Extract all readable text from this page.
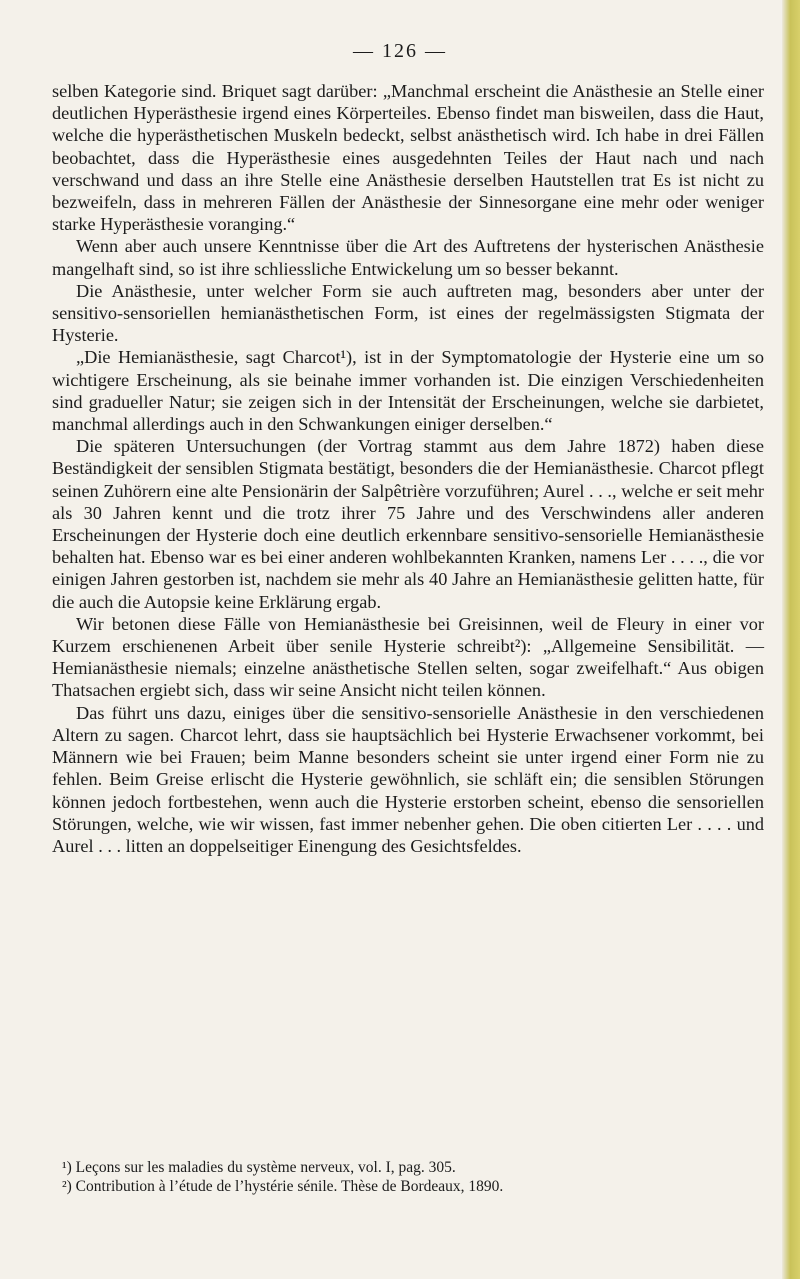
— 126 —

selben Kategorie sind. Briquet sagt darüber: „Manchmal erscheint die Anästhesie an Stelle einer deutlichen Hyperästhesie irgend eines Körperteiles. Ebenso findet man bisweilen, dass die Haut, welche die hyperästhetischen Muskeln bedeckt, selbst anästhetisch wird. Ich habe in drei Fällen beobachtet, dass die Hyperästhesie eines ausgedehnten Teiles der Haut nach und nach verschwand und dass an ihre Stelle eine Anästhesie derselben Hautstellen trat Es ist nicht zu bezweifeln, dass in mehreren Fällen der Anästhesie der Sinnesorgane eine mehr oder weniger starke Hyperästhesie voranging.“

Wenn aber auch unsere Kenntnisse über die Art des Auftretens der hysterischen Anästhesie mangelhaft sind, so ist ihre schliessliche Entwickelung um so besser bekannt.

Die Anästhesie, unter welcher Form sie auch auftreten mag, besonders aber unter der sensitivo-sensoriellen hemianästhetischen Form, ist eines der regelmässigsten Stigmata der Hysterie.

„Die Hemianästhesie, sagt Charcot¹), ist in der Symptomatologie der Hysterie eine um so wichtigere Erscheinung, als sie beinahe immer vorhanden ist. Die einzigen Verschiedenheiten sind gradueller Natur; sie zeigen sich in der Intensität der Erscheinungen, welche sie darbietet, manchmal allerdings auch in den Schwankungen einiger derselben.“

Die späteren Untersuchungen (der Vortrag stammt aus dem Jahre 1872) haben diese Beständigkeit der sensiblen Stigmata bestätigt, besonders die der Hemianästhesie. Charcot pflegt seinen Zuhörern eine alte Pensionärin der Salpêtrière vorzuführen; Aurel . . ., welche er seit mehr als 30 Jahren kennt und die trotz ihrer 75 Jahre und des Verschwindens aller anderen Erscheinungen der Hysterie doch eine deutlich erkennbare sensitivo-sensorielle Hemianästhesie behalten hat. Ebenso war es bei einer anderen wohlbekannten Kranken, namens Ler . . . ., die vor einigen Jahren gestorben ist, nachdem sie mehr als 40 Jahre an Hemianästhesie gelitten hatte, für die auch die Autopsie keine Erklärung ergab.

Wir betonen diese Fälle von Hemianästhesie bei Greisinnen, weil de Fleury in einer vor Kurzem erschienenen Arbeit über senile Hysterie schreibt²): „Allgemeine Sensibilität. — Hemianästhesie niemals; einzelne anästhetische Stellen selten, sogar zweifelhaft.“ Aus obigen Thatsachen ergiebt sich, dass wir seine Ansicht nicht teilen können.

Das führt uns dazu, einiges über die sensitivo-sensorielle Anästhesie in den verschiedenen Altern zu sagen. Charcot lehrt, dass sie hauptsächlich bei Hysterie Erwachsener vorkommt, bei Männern wie bei Frauen; beim Manne besonders scheint sie unter irgend einer Form nie zu fehlen. Beim Greise erlischt die Hysterie gewöhnlich, sie schläft ein; die sensiblen Störungen können jedoch fortbestehen, wenn auch die Hysterie erstorben scheint, ebenso die sensoriellen Störungen, welche, wie wir wissen, fast immer nebenher gehen. Die oben citierten Ler . . . . und Aurel . . . litten an doppelseitiger Einengung des Gesichtsfeldes.

¹) Leçons sur les maladies du système nerveux, vol. I, pag. 305.

²) Contribution à l’étude de l’hystérie sénile. Thèse de Bordeaux, 1890.
